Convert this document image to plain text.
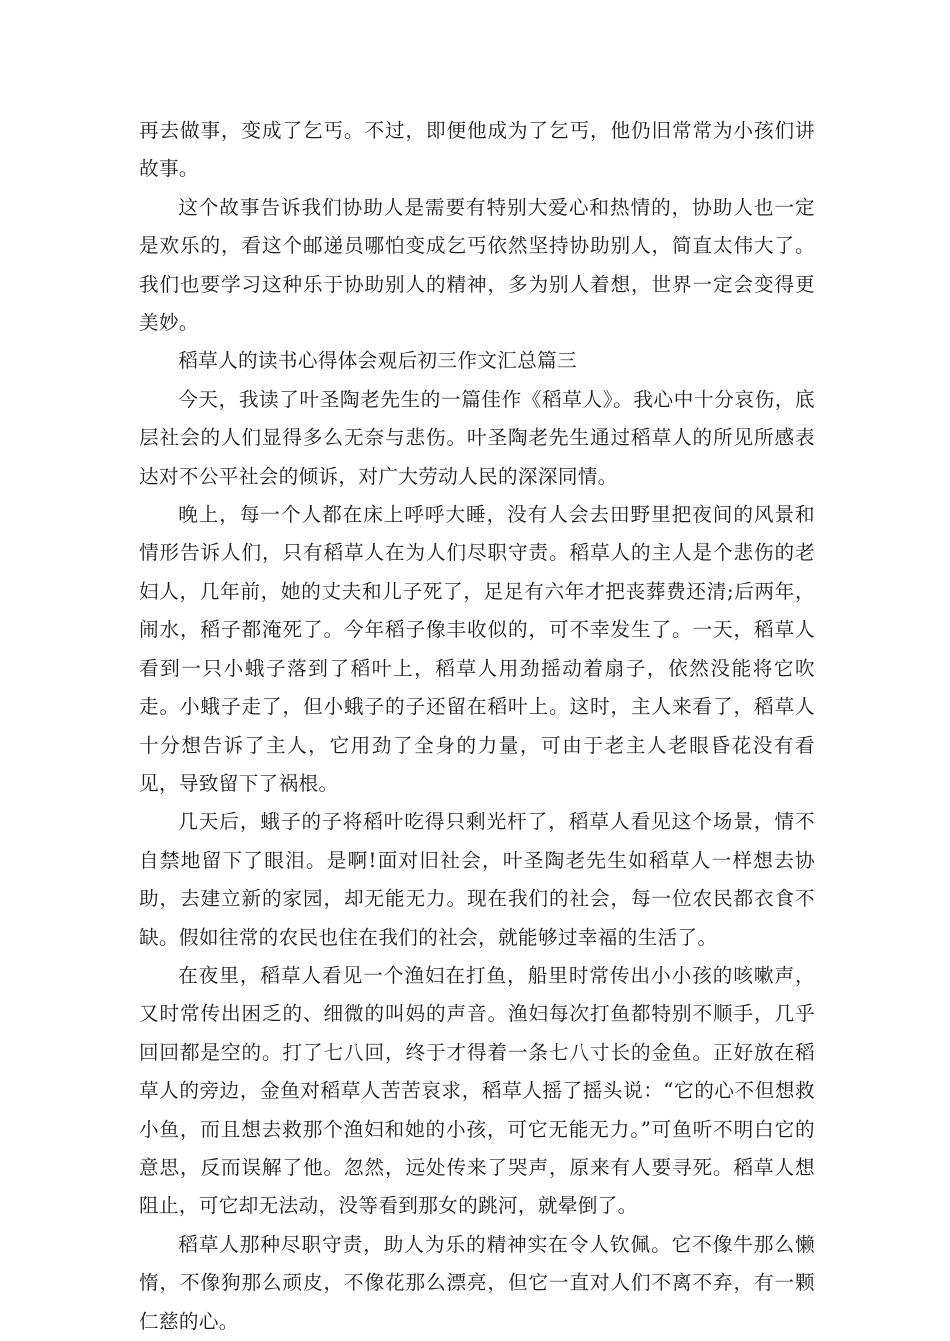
再去做事，变成了乞丐。不过，即便他成为了乞丐，他仍旧常常为小孩们讲故事。

这个故事告诉我们协助人是需要有特别大爱心和热情的，协助人也一定是欢乐的，看这个邮递员哪怕变成乞丐依然坚持协助别人，简直太伟大了。我们也要学习这种乐于协助别人的精神，多为别人着想，世界一定会变得更美妙。

稻草人的读书心得体会观后初三作文汇总篇三

今天，我读了叶圣陶老先生的一篇佳作《稻草人》。我心中十分哀伤，底层社会的人们显得多么无奈与悲伤。叶圣陶老先生通过稻草人的所见所感表达对不公平社会的倾诉，对广大劳动人民的深深同情。

晚上，每一个人都在床上呼呼大睡，没有人会去田野里把夜间的风景和情形告诉人们，只有稻草人在为人们尽职守责。稻草人的主人是个悲伤的老妇人，几年前，她的丈夫和儿子死了，足足有六年才把丧葬费还清;后两年，闹水，稻子都淹死了。今年稻子像丰收似的，可不幸发生了。一天，稻草人看到一只小蛾子落到了稻叶上，稻草人用劲摇动着扇子，依然没能将它吹走。小蛾子走了，但小蛾子的子还留在稻叶上。这时，主人来看了，稻草人十分想告诉了主人，它用劲了全身的力量，可由于老主人老眼昏花没有看见，导致留下了祸根。

几天后，蛾子的子将稻叶吃得只剩光杆了，稻草人看见这个场景，情不自禁地留下了眼泪。是啊!面对旧社会，叶圣陶老先生如稻草人一样想去协助，去建立新的家园，却无能无力。现在我们的社会，每一位农民都衣食不缺。假如往常的农民也住在我们的社会，就能够过幸福的生活了。

在夜里，稻草人看见一个渔妇在打鱼，船里时常传出小小孩的咳嗽声，又时常传出困乏的、细微的叫妈的声音。渔妇每次打鱼都特别不顺手，几乎回回都是空的。打了七八回，终于才得着一条七八寸长的金鱼。正好放在稻草人的旁边，金鱼对稻草人苦苦哀求，稻草人摇了摇头说：“它的心不但想救小鱼，而且想去救那个渔妇和她的小孩，可它无能无力。”可鱼听不明白它的意思，反而误解了他。忽然，远处传来了哭声，原来有人要寻死。稻草人想阻止，可它却无法动，没等看到那女的跳河，就晕倒了。

稻草人那种尽职守责，助人为乐的精神实在令人钦佩。它不像牛那么懒惰，不像狗那么顽皮，不像花那么漂亮，但它一直对人们不离不弃，有一颗仁慈的心。
